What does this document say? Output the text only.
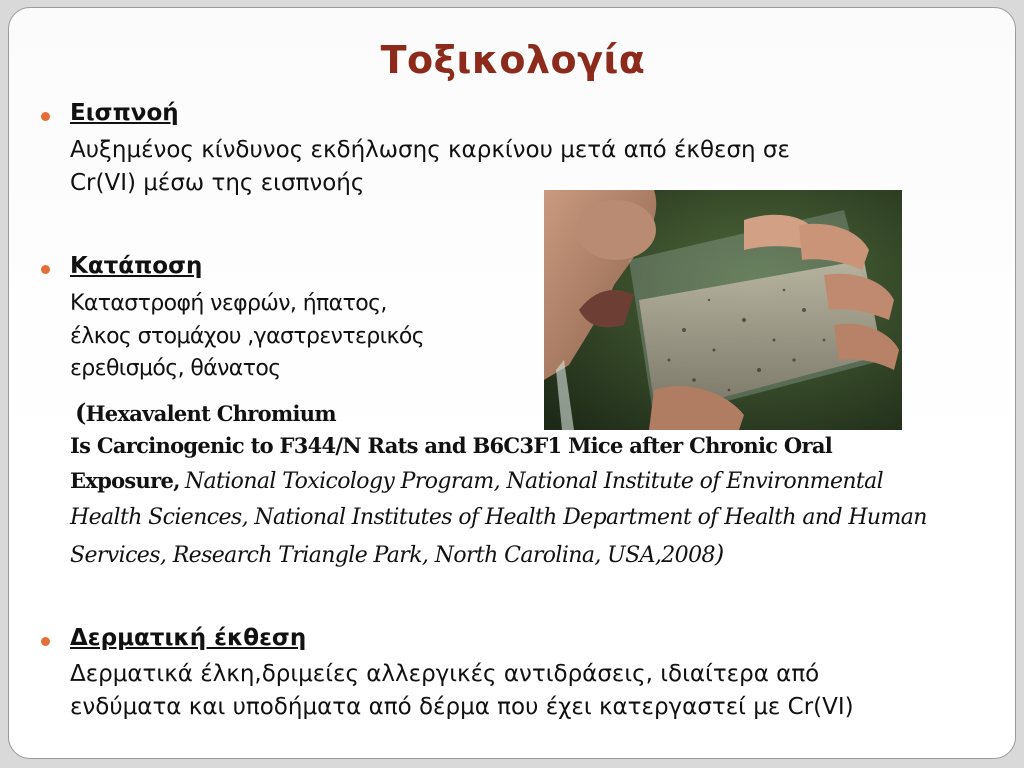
Τοξικολογία
Εισπνοή
Αυξημένος κίνδυνος εκδήλωσης καρκίνου μετά από έκθεση σε
Cr(VI) μέσω της εισπνοής
Κατάποση
Καταστροφή νεφρών, ήπατος,
έλκος στομάχου ,γαστρεντερικός
ερεθισμός, θάνατος
(Hexavalent Chromium
Is Carcinogenic to F344/N Rats and B6C3F1 Mice after Chronic Oral
Exposure, National Toxicology Program, National Institute of Environmental
Health Sciences, National Institutes of Health Department of Health and Human
Services, Research Triangle Park, North Carolina, USA,2008)
Δερματική έκθεση
Δερματικά έλκη,δριμείες αλλεργικές αντιδράσεις, ιδιαίτερα από
ενδύματα και υποδήματα από δέρμα που έχει κατεργαστεί με Cr(VI)
